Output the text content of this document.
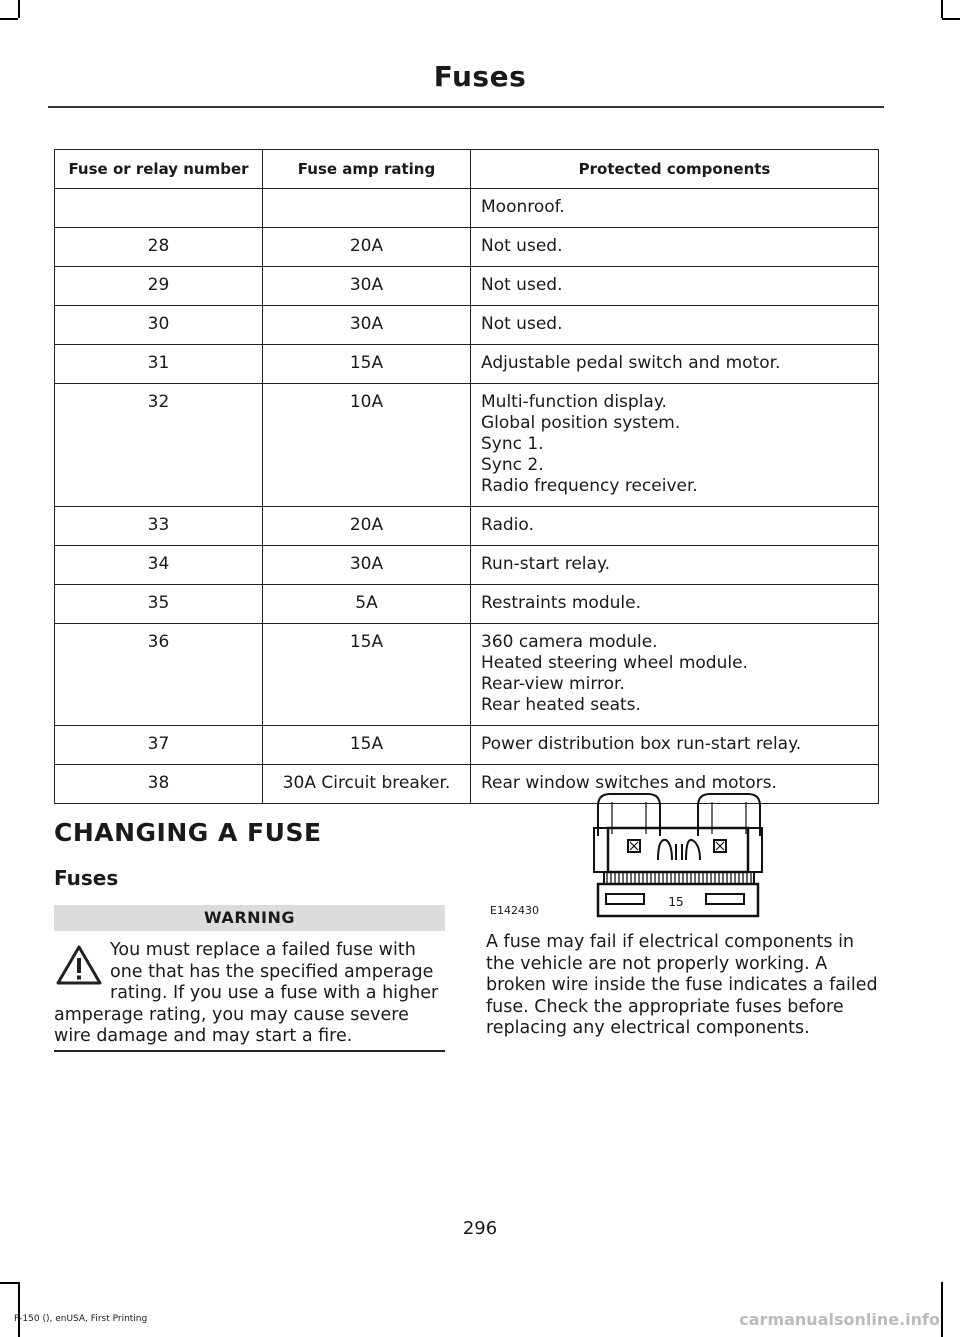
Fuses
Fuse or relay number	Fuse amp rating	Protected components

		Moonroof.

28	20A	Not used.

29	30A	Not used.

30	30A	Not used.

31	15A	Adjustable pedal switch and motor.

32	10A	Multi-function display.
Global position system.
Sync 1.
Sync 2.
Radio frequency receiver.

33	20A	Radio.

34	30A	Run-start relay.

35	5A	Restraints module.

36	15A	360 camera module.
Heated steering wheel module.
Rear-view mirror.
Rear heated seats.

37	15A	Power distribution box run-start relay.

38	30A Circuit breaker.	Rear window switches and motors.
CHANGING A FUSE
Fuses
WARNING
You must replace a failed fuse with one that has the specified amperage rating. If you use a fuse with a higher amperage rating, you may cause severe wire damage and may start a fire.
15
E142430
A fuse may fail if electrical components in the vehicle are not properly working. A broken wire inside the fuse indicates a failed fuse. Check the appropriate fuses before replacing any electrical components.
296
F-150 (), enUSA, First Printing	carmanualsonline.info
